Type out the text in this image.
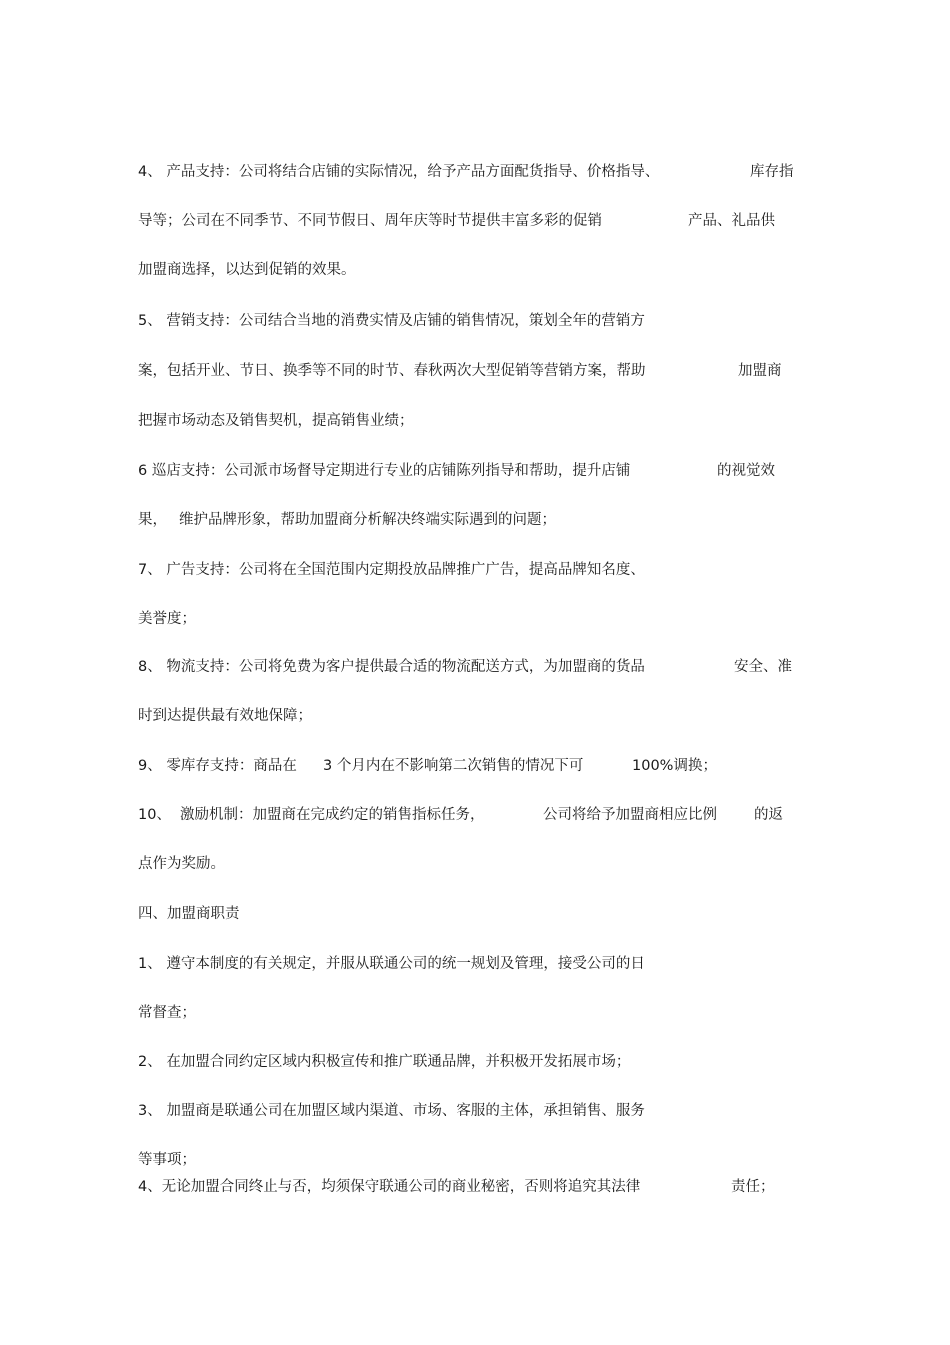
4、 产品支持：公司将结合店铺的实际情况，给予产品方面配货指导、价格指导、	库存指
导等；公司在不同季节、不同节假日、周年庆等时节提供丰富多彩的促销	产品、礼品供
加盟商选择，以达到促销的效果。
5、 营销支持：公司结合当地的消费实情及店铺的销售情况，策划全年的营销方
案，包括开业、节日、换季等不同的时节、春秋两次大型促销等营销方案，帮助	加盟商
把握市场动态及销售契机，提高销售业绩；
6 巡店支持：公司派市场督导定期进行专业的店铺陈列指导和帮助，提升店铺	的视觉效
果， 维护品牌形象，帮助加盟商分析解决终端实际遇到的问题；
7、 广告支持：公司将在全国范围内定期投放品牌推广广告，提高品牌知名度、
美誉度；
8、 物流支持：公司将免费为客户提供最合适的物流配送方式，为加盟商的货品	安全、准
时到达提供最有效地保障；
9、 零库存支持：商品在 3 个月内在不影响第二次销售的情况下可	100%调换；
10、 激励机制：加盟商在完成约定的销售指标任务，	公司将给予加盟商相应比例	的返
点作为奖励。
四、加盟商职责
1、 遵守本制度的有关规定，并服从联通公司的统一规划及管理，接受公司的日
常督查；
2、 在加盟合同约定区域内积极宣传和推广联通品牌，并积极开发拓展市场；
3、 加盟商是联通公司在加盟区域内渠道、市场、客服的主体，承担销售、服务
等事项；
4、无论加盟合同终止与否，均须保守联通公司的商业秘密，否则将追究其法律	责任；
